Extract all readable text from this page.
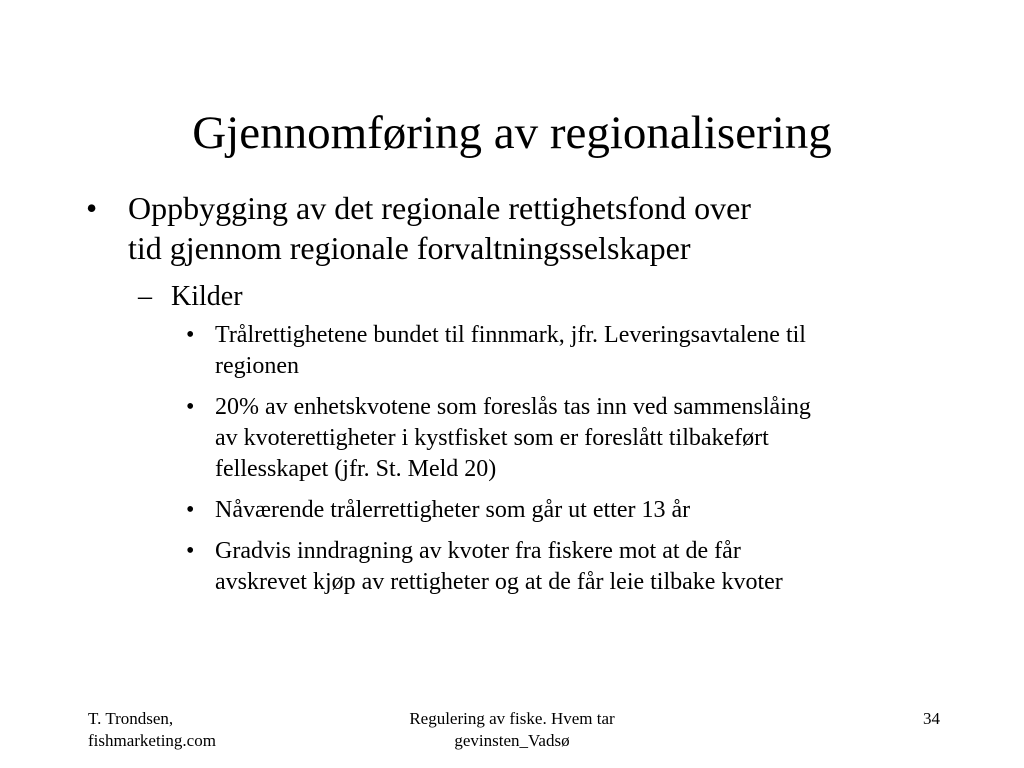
Gjennomføring av regionalisering
• Oppbygging av det regionale rettighetsfond over
tid gjennom regionale forvaltningsselskaper
– Kilder
• Trålrettighetene bundet til finnmark, jfr. Leveringsavtalene til
regionen
• 20% av enhetskvotene som foreslås tas inn ved sammenslåing
av kvoterettigheter i kystfisket som er foreslått tilbakeført
fellesskapet (jfr. St. Meld 20)
• Nåværende trålerrettigheter som går ut etter 13 år
• Gradvis inndragning av kvoter fra fiskere mot at de får
avskrevet kjøp av rettigheter og at de får leie tilbake kvoter
T. Trondsen,
fishmarketing.com
Regulering av fiske. Hvem tar
gevinsten_Vadsø
34
